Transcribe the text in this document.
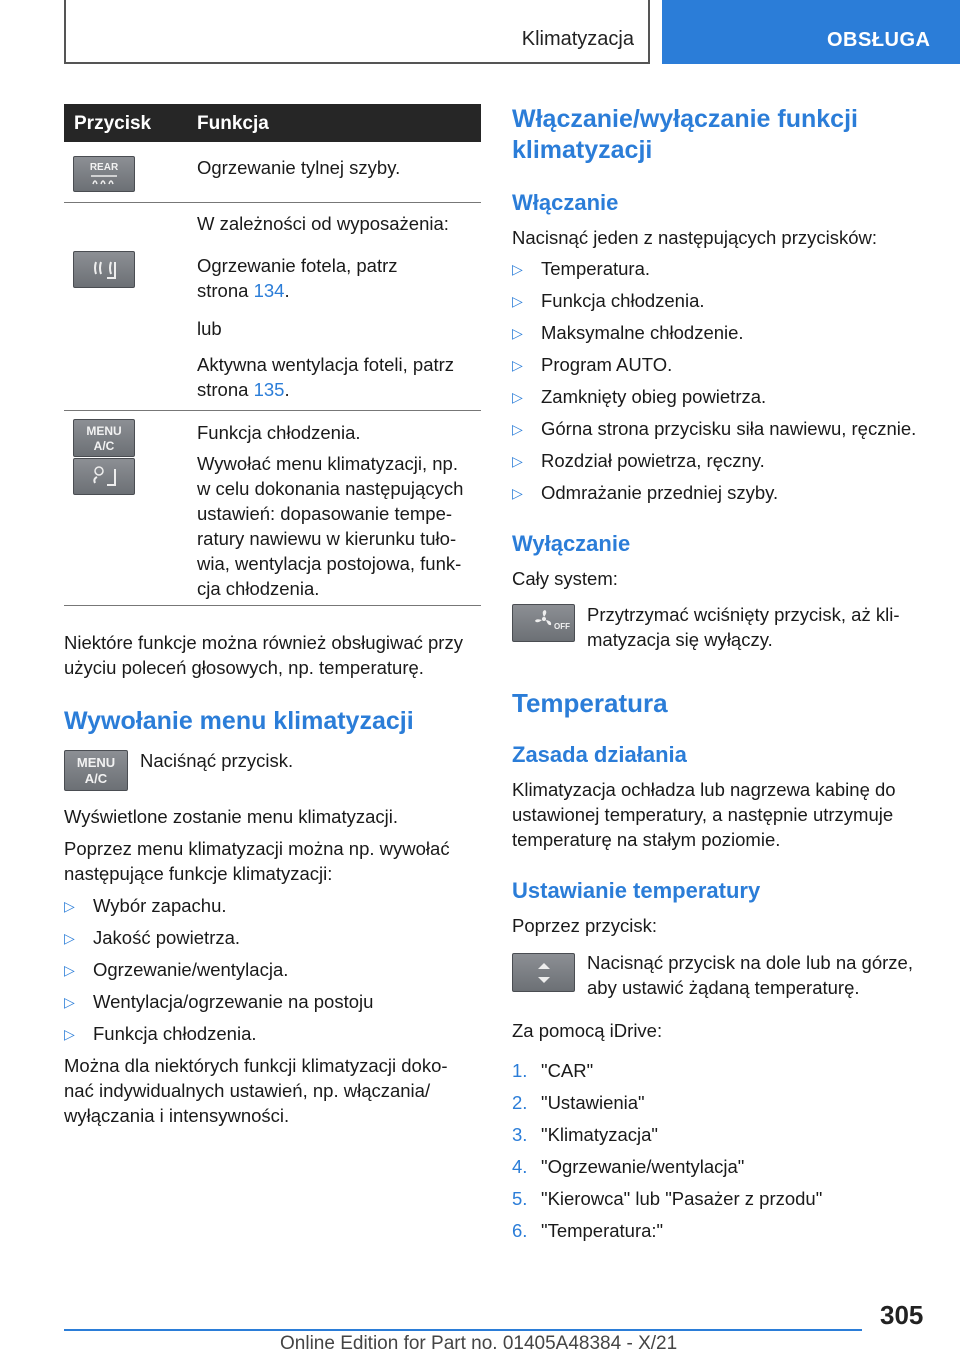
Klimatyzacja	OBSŁUGA
Przycisk Funkcja
REAR	Ogrzewanie tylnej szyby.
W zależności od wyposażenia:
Ogrzewanie fotela, patrz
strona 134.
lub
Aktywna wentylacja foteli, patrz
strona 135.
MENU
A/C
Funkcja chłodzenia.
Wywołać menu klimatyzacji, np.
w celu dokonania następujących
ustawień: dopasowanie tempe-
ratury nawiewu w kierunku tuło-
wia, wentylacja postojowa, funk-
cja chłodzenia.
Niektóre funkcje można również obsługiwać przy
użyciu poleceń głosowych, np. temperaturę.
Wywołanie menu klimatyzacji
MENU
A/C
Naciśnąć przycisk.
Wyświetlone zostanie menu klimatyzacji.
Poprzez menu klimatyzacji można np. wywołać
następujące funkcje klimatyzacji:
▷ Wybór zapachu.
▷ Jakość powietrza.
▷ Ogrzewanie/wentylacja.
▷ Wentylacja/ogrzewanie na postoju
▷ Funkcja chłodzenia.
Można dla niektórych funkcji klimatyzacji doko-
nać indywidualnych ustawień, np. włączania/
wyłączania i intensywności.
Włączanie/wyłączanie funkcji
klimatyzacji
Włączanie
Nacisnąć jeden z następujących przycisków:
▷ Temperatura.
▷ Funkcja chłodzenia.
▷ Maksymalne chłodzenie.
▷ Program AUTO.
▷ Zamknięty obieg powietrza.
▷ Górna strona przycisku siła nawiewu, ręcznie.
▷ Rozdział powietrza, ręczny.
▷ Odmrażanie przedniej szyby.
Wyłączanie
Cały system:
OFF
Przytrzymać wciśnięty przycisk, aż kli-
matyzacja się wyłączy.
Temperatura
Zasada działania
Klimatyzacja ochładza lub nagrzewa kabinę do
ustawionej temperatury, a następnie utrzymuje
temperaturę na stałym poziomie.
Ustawianie temperatury
Poprzez przycisk:
Nacisnąć przycisk na dole lub na górze,
aby ustawić żądaną temperaturę.
Za pomocą iDrive:
1. "CAR"
2. "Ustawienia"
3. "Klimatyzacja"
4. "Ogrzewanie/wentylacja"
5. "Kierowca" lub "Pasażer z przodu"
6. "Temperatura:"
305
Online Edition for Part no. 01405A48384 - X/21
